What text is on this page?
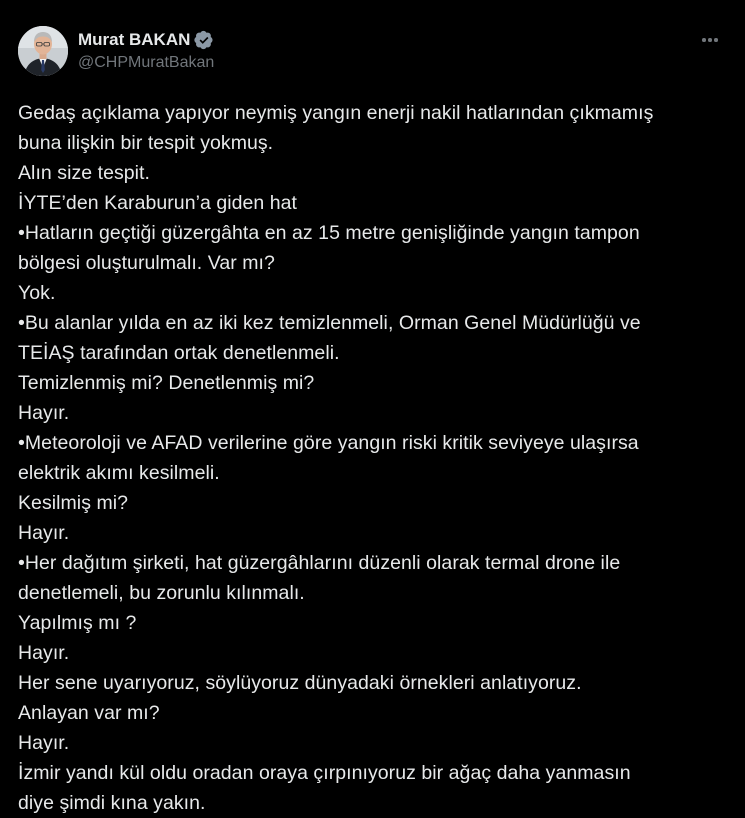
Murat BAKAN
@CHPMuratBakan
Gedaş açıklama yapıyor neymiş yangın enerji nakil hatlarından çıkmamış
buna ilişkin bir tespit yokmuş.
Alın size tespit.
İYTE’den Karaburun’a giden hat
•Hatların geçtiği güzergâhta en az 15 metre genişliğinde yangın tampon
bölgesi oluşturulmalı. Var mı?
Yok.
•Bu alanlar yılda en az iki kez temizlenmeli, Orman Genel Müdürlüğü ve
TEİAŞ tarafından ortak denetlenmeli.
Temizlenmiş mi? Denetlenmiş mi?
Hayır.
•Meteoroloji ve AFAD verilerine göre yangın riski kritik seviyeye ulaşırsa
elektrik akımı kesilmeli.
Kesilmiş mi?
Hayır.
•Her dağıtım şirketi, hat güzergâhlarını düzenli olarak termal drone ile
denetlemeli, bu zorunlu kılınmalı.
Yapılmış mı ?
Hayır.
Her sene uyarıyoruz, söylüyoruz dünyadaki örnekleri anlatıyoruz.
Anlayan var mı?
Hayır.
İzmir yandı kül oldu oradan oraya çırpınıyoruz bir ağaç daha yanmasın
diye şimdi kına yakın.
